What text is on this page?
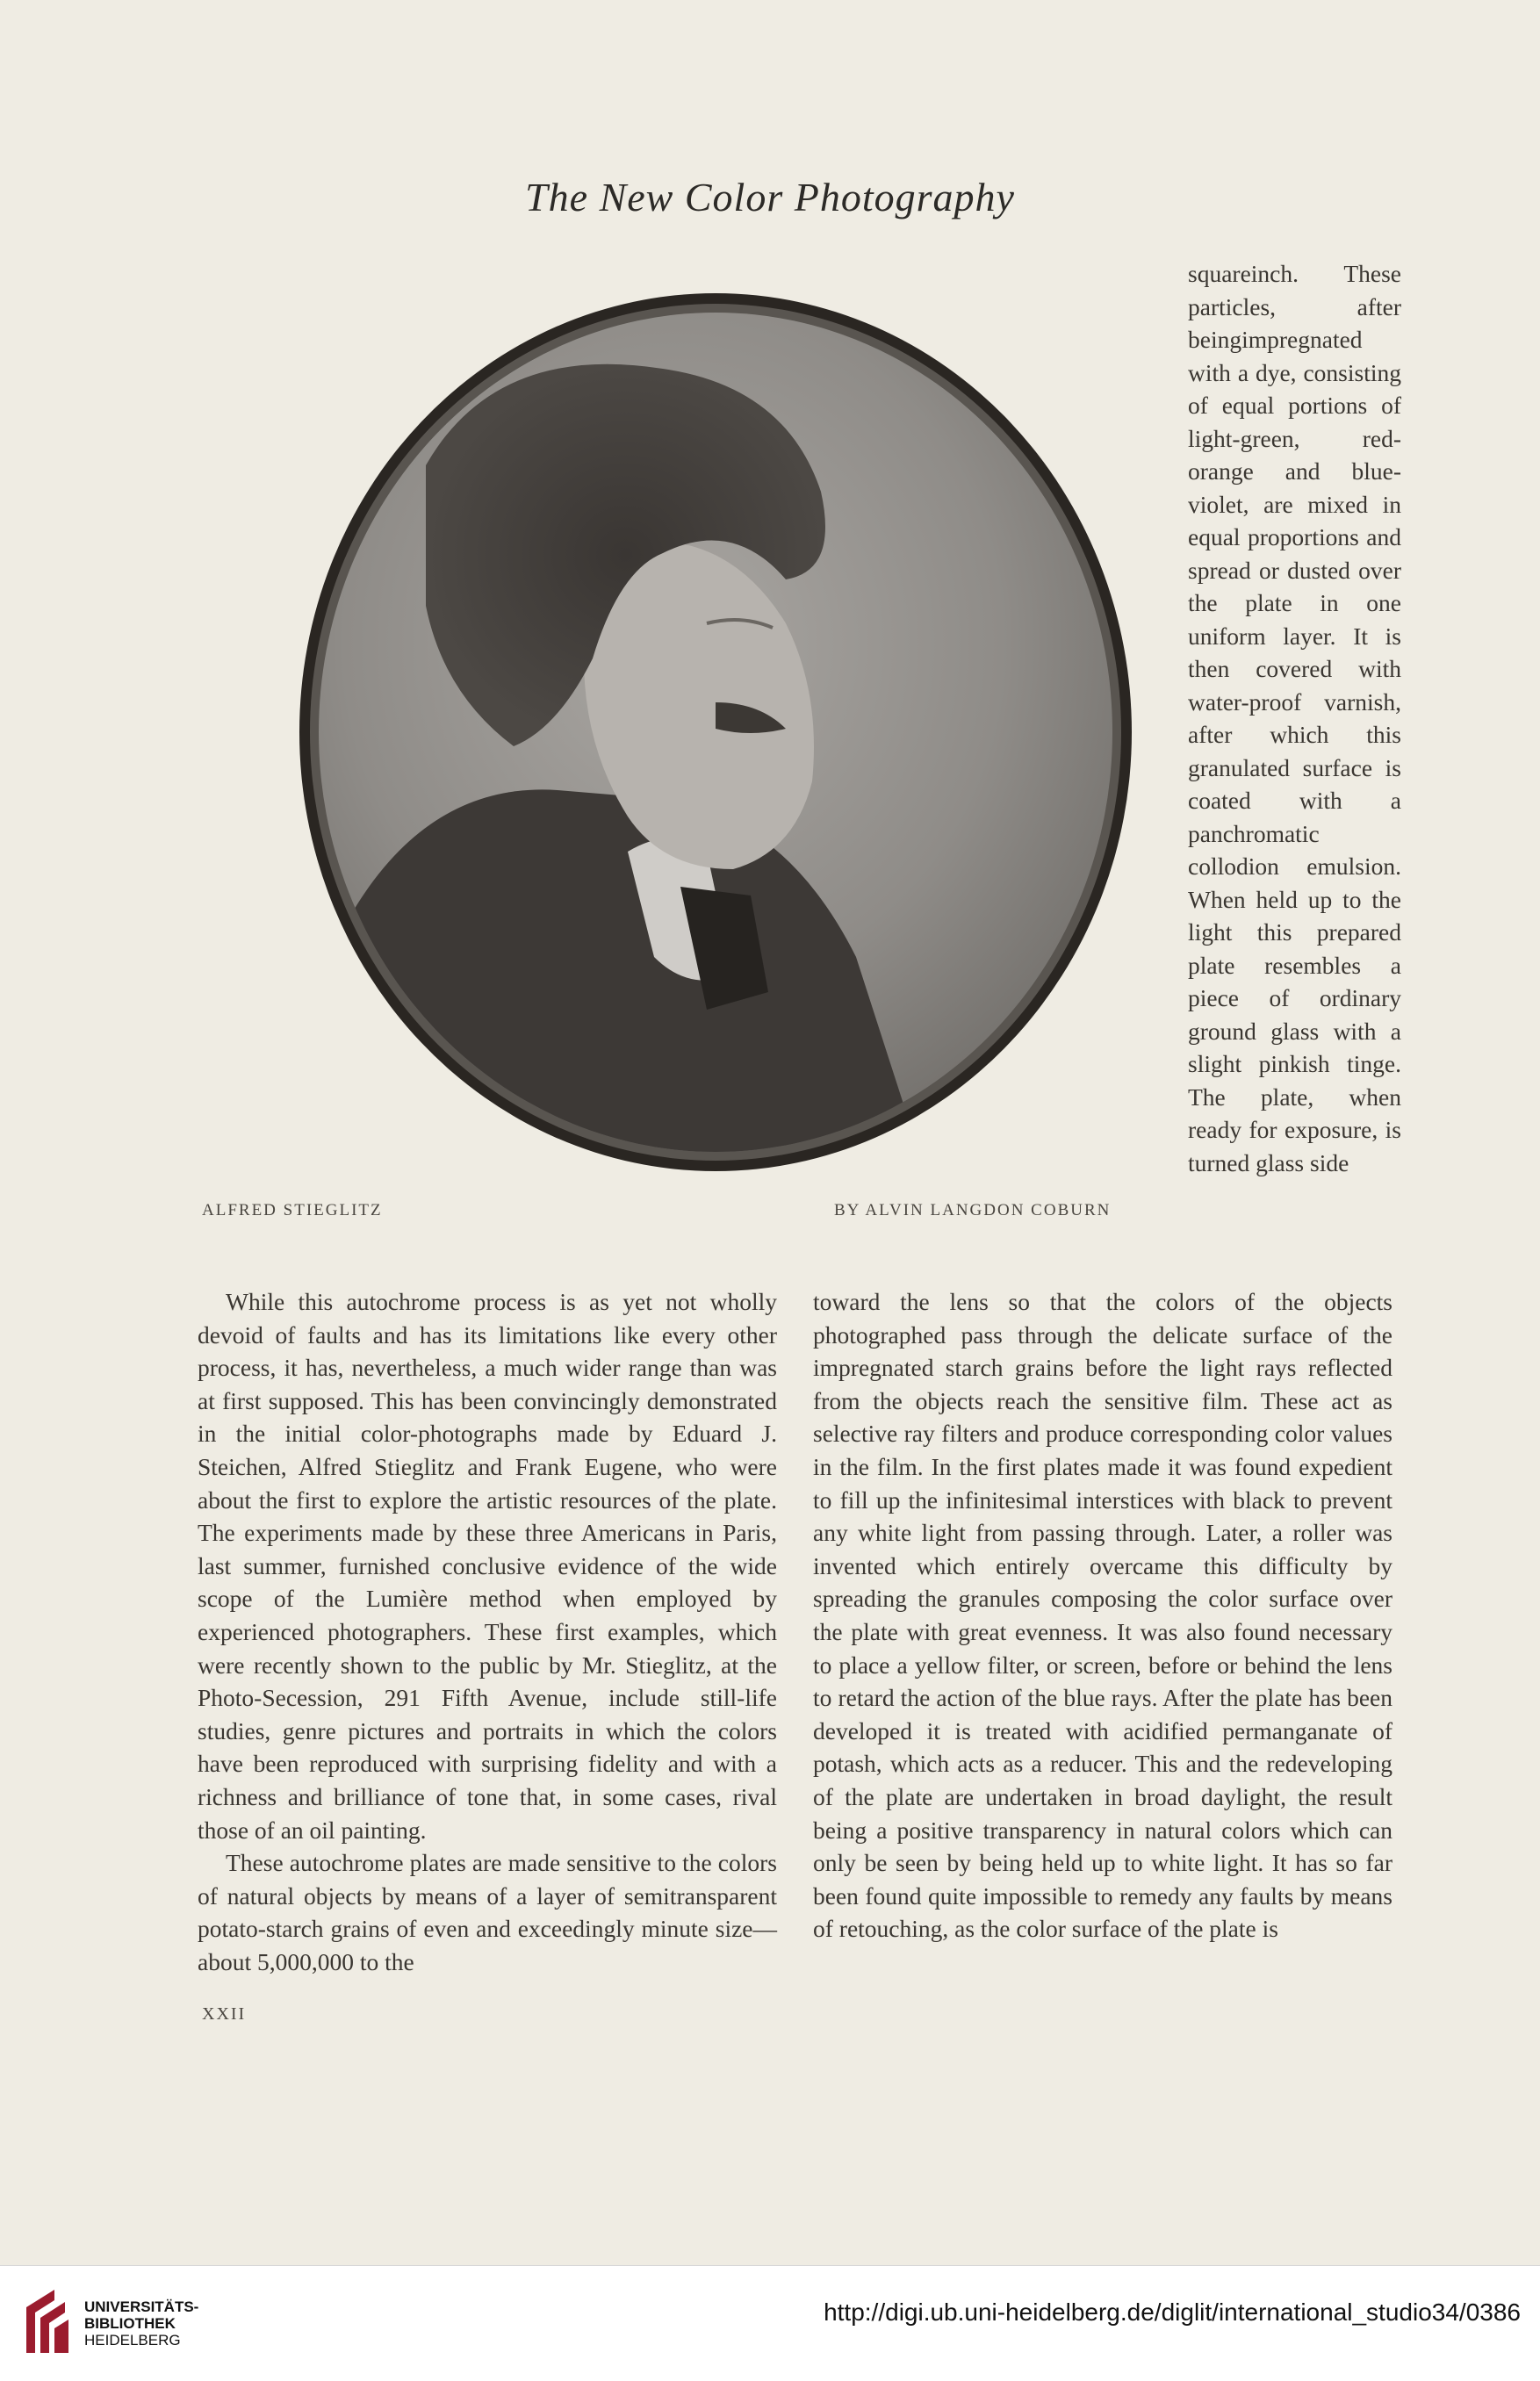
The New Color Photography
ALFRED STIEGLITZ	BY ALVIN LANGDON COBURN
squareinch. These particles, after beingimpregnated with a dye, consisting of equal portions of light-green, red-orange and blue-violet, are mixed in equal proportions and spread or dusted over the plate in one uniform layer. It is then covered with water-proof varnish, after which this granulated surface is coated with a panchromatic collodion emulsion. When held up to the light this prepared plate resembles a piece of ordinary ground glass with a slight pinkish tinge. The plate, when ready for exposure, is turned glass side

While this autochrome process is as yet not wholly devoid of faults and has its limitations like every other process, it has, nevertheless, a much wider range than was at first supposed. This has been convincingly demonstrated in the initial color-photographs made by Eduard J. Steichen, Alfred Stieglitz and Frank Eugene, who were about the first to explore the artistic resources of the plate. The experiments made by these three Americans in Paris, last summer, furnished conclusive evidence of the wide scope of the Lumière method when employed by experienced photographers. These first examples, which were recently shown to the public by Mr. Stieglitz, at the Photo-Secession, 291 Fifth Avenue, include still-life studies, genre pictures and portraits in which the colors have been reproduced with surprising fidelity and with a richness and brilliance of tone that, in some cases, rival those of an oil painting.

These autochrome plates are made sensitive to the colors of natural objects by means of a layer of semitransparent potato-starch grains of even and exceedingly minute size—about 5,000,000 to the

toward the lens so that the colors of the objects photographed pass through the delicate surface of the impregnated starch grains before the light rays reflected from the objects reach the sensitive film. These act as selective ray filters and produce corresponding color values in the film. In the first plates made it was found expedient to fill up the infinitesimal interstices with black to prevent any white light from passing through. Later, a roller was invented which entirely overcame this difficulty by spreading the granules composing the color surface over the plate with great evenness. It was also found necessary to place a yellow filter, or screen, before or behind the lens to retard the action of the blue rays. After the plate has been developed it is treated with acidified permanganate of potash, which acts as a reducer. This and the redeveloping of the plate are undertaken in broad daylight, the result being a positive transparency in natural colors which can only be seen by being held up to white light. It has so far been found quite impossible to remedy any faults by means of retouching, as the color surface of the plate is

XXII
UNIVERSITÄTS-
BIBLIOTHEK
HEIDELBERG
http://digi.ub.uni-heidelberg.de/diglit/international_studio34/0386
